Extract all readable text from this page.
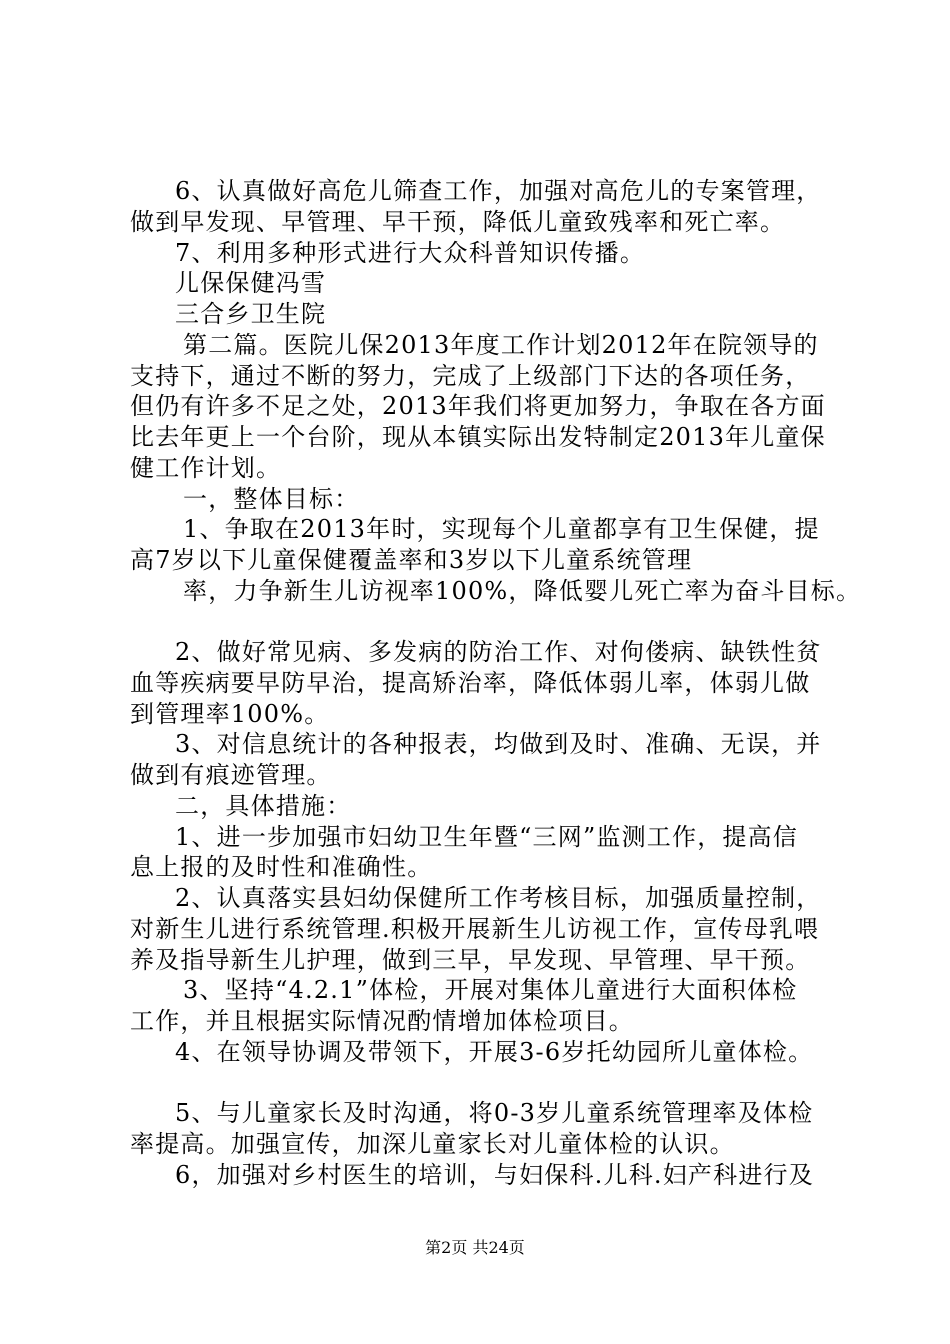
6、认真做好高危儿筛查工作，加强对高危儿的专案管理，
做到早发现、早管理、早干预，降低儿童致残率和死亡率。
7、利用多种形式进行大众科普知识传播。
儿保保健冯雪
三合乡卫生院
第二篇。医院儿保2013年度工作计划2012年在院领导的
支持下，通过不断的努力，完成了上级部门下达的各项任务，
但仍有许多不足之处，2013年我们将更加努力，争取在各方面
比去年更上一个台阶，现从本镇实际出发特制定2013年儿童保
健工作计划。
一，整体目标：
1、争取在2013年时，实现每个儿童都享有卫生保健，提
高7岁以下儿童保健覆盖率和3岁以下儿童系统管理
率，力争新生儿访视率100%，降低婴儿死亡率为奋斗目标。
2、做好常见病、多发病的防治工作、对佝偻病、缺铁性贫
血等疾病要早防早治，提高矫治率，降低体弱儿率，体弱儿做
到管理率100%。
3、对信息统计的各种报表，均做到及时、准确、无误，并
做到有痕迹管理。
二，具体措施：
1、进一步加强市妇幼卫生年暨“三网”监测工作，提高信
息上报的及时性和准确性。
2、认真落实县妇幼保健所工作考核目标，加强质量控制，
对新生儿进行系统管理.积极开展新生儿访视工作，宣传母乳喂
养及指导新生儿护理，做到三早，早发现、早管理、早干预。
3、坚持“4.2.1”体检，开展对集体儿童进行大面积体检
工作，并且根据实际情况酌情增加体检项目。
4、在领导协调及带领下，开展3-6岁托幼园所儿童体检。
5、与儿童家长及时沟通，将0-3岁儿童系统管理率及体检
率提高。加强宣传，加深儿童家长对儿童体检的认识。
6，加强对乡村医生的培训，与妇保科.儿科.妇产科进行及
第2页 共24页
